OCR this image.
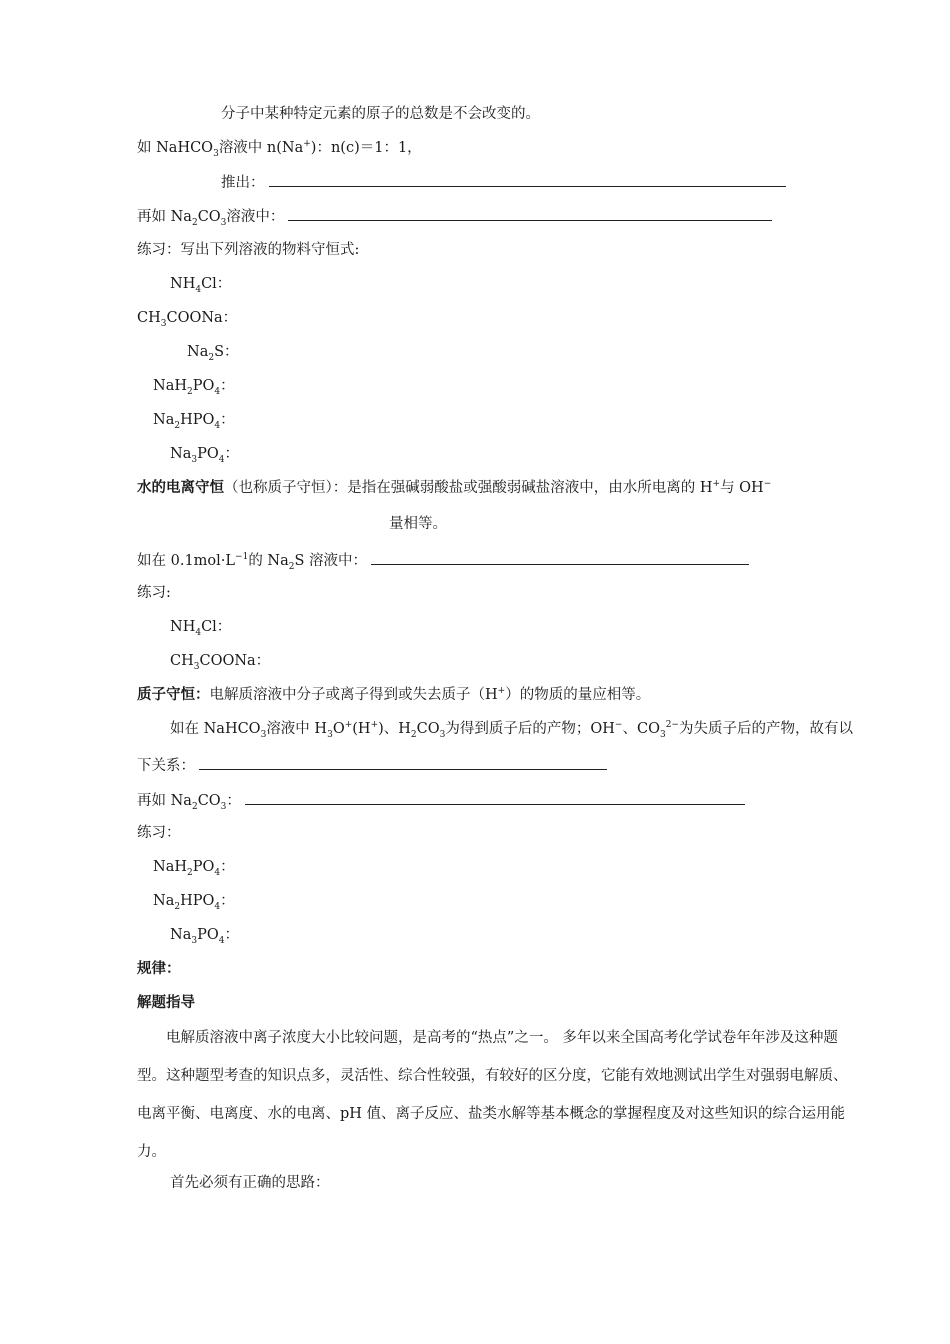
分子中某种特定元素的原子的总数是不会改变的。
如 NaHCO$_3$溶液中 n(Na+)：n(c)＝1：1，
推出：
再如 $Na_2CO_3$溶液中：
练习：写出下列溶液的物料守恒式:
$NH_4Cl$：
$CH_3COONa$：
$Na_2S$：
$NaH_2PO_4$：
$Na_2HPO_4$：
$Na_3PO_4$：
水的电离守恒（也称质子守恒）：是指在强碱弱酸盐或强酸弱碱盐溶液中，由水所电离的 H+与 OH−
量相等。
如在 $0.1mol\cdot L^{-1}$的 $Na_2S$ 溶液中：
练习:
$NH_4Cl$：
$CH_3COONa$：
质子守恒：电解质溶液中分子或离子得到或失去质子（H+）的物质的量应相等。
如在 NaHCO$_3$溶液中 $H_3O^+(H^+)$、$H_2CO_3$为得到质子后的产物；OH−、$CO_3^{2-}$为失质子后的产物，故有以
下关系：
再如 $Na_2CO_3$：
练习：
$NaH_2PO_4$：
$Na_2HPO_4$：
$Na_3PO_4$：
规律：
解题指导
电解质溶液中离子浓度大小比较问题，是高考的“热点”之一。 多年以来全国高考化学试卷年年涉及这种题型。这种题型考查的知识点多，灵活性、综合性较强，有较好的区分度，它能有效地测试出学生对强弱电解质、电离平衡、电离度、水的电离、pH 值、离子反应、盐类水解等基本概念的掌握程度及对这些知识的综合运用能力。
首先必须有正确的思路：
